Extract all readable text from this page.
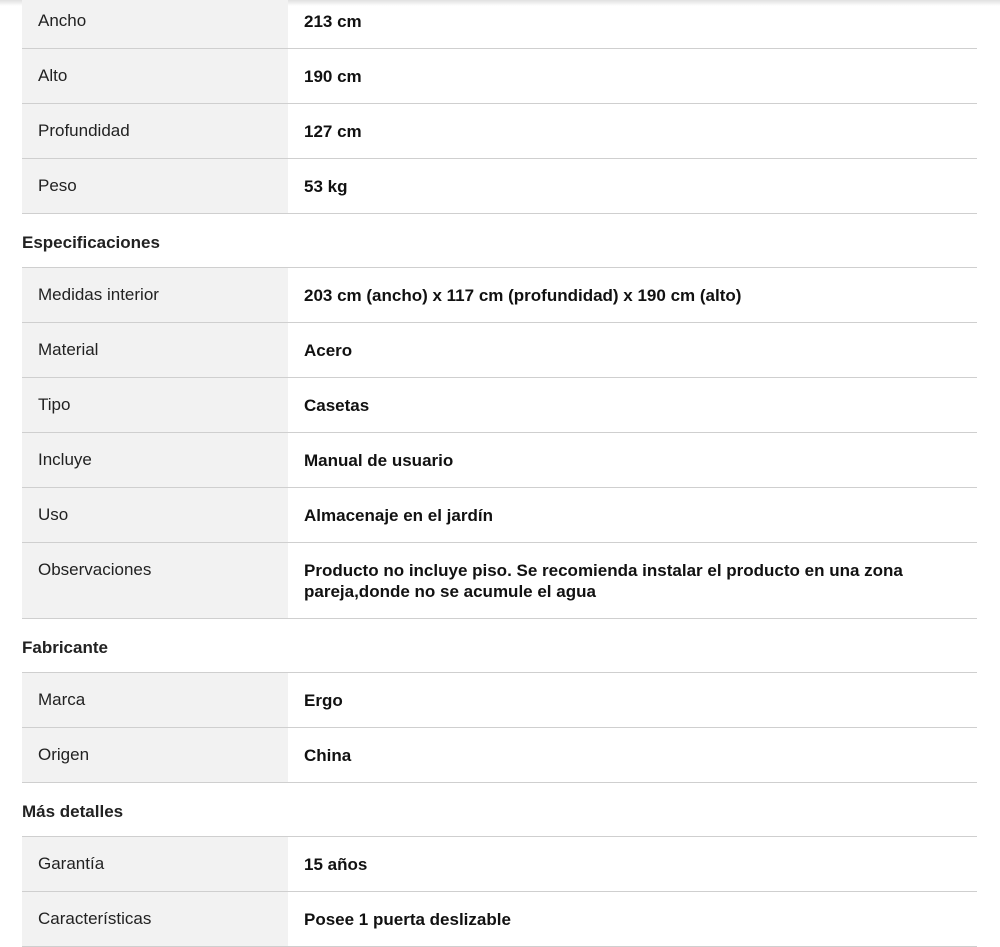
Ancho	213 cm
Alto	190 cm
Profundidad	127 cm
Peso	53 kg
Especificaciones
Medidas interior	203 cm (ancho) x 117 cm (profundidad) x 190 cm (alto)
Material	Acero
Tipo	Casetas
Incluye	Manual de usuario
Uso	Almacenaje en el jardín
Observaciones	Producto no incluye piso. Se recomienda instalar el producto en una zona pareja,donde no se acumule el agua
Fabricante
Marca	Ergo
Origen	China
Más detalles
Garantía	15 años
Características	Posee 1 puerta deslizable
